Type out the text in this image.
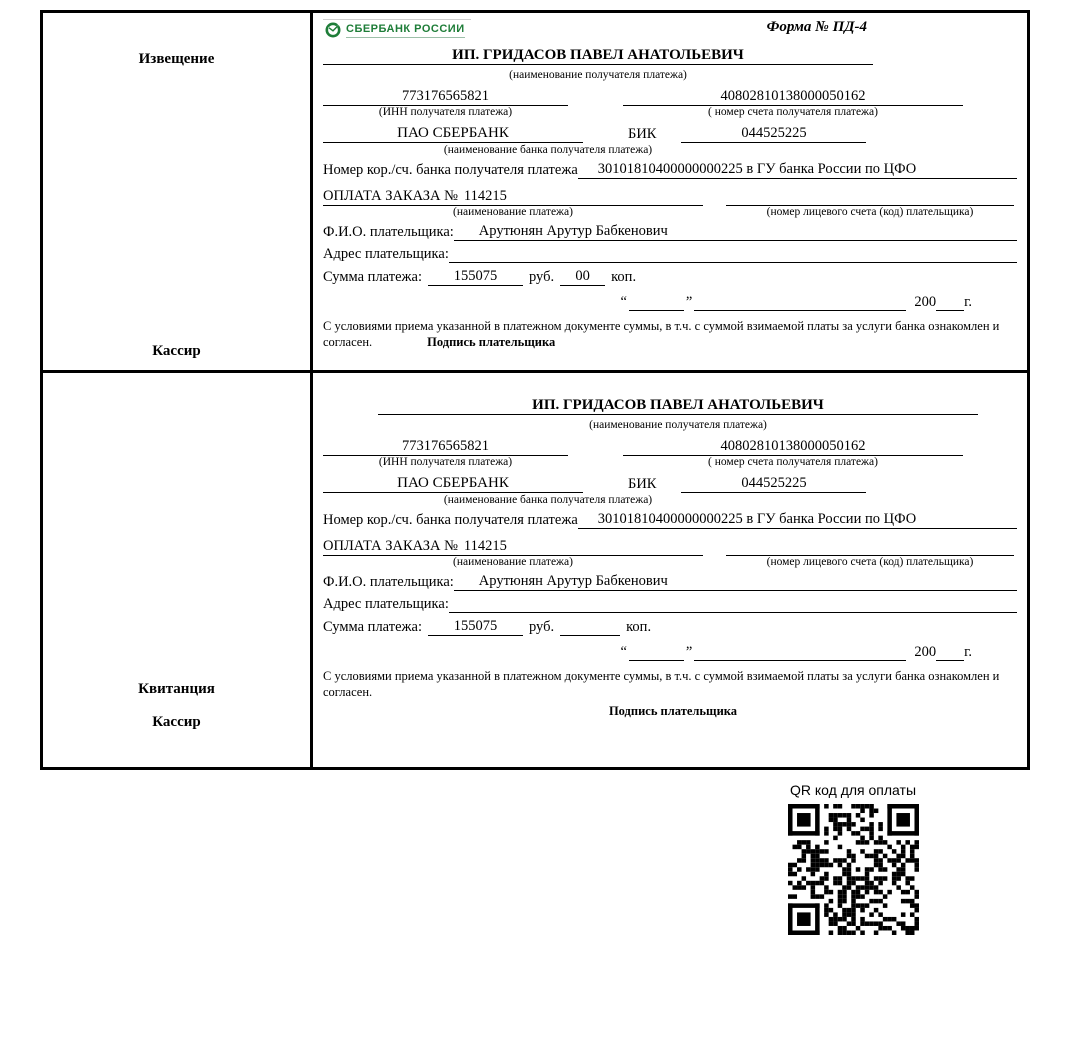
Извещение
Кассир
СБЕРБАНК РОССИИ	Форма № ПД-4
ИП. ГРИДАСОВ ПАВЕЛ АНАТОЛЬЕВИЧ (наименование получателя платежа)
773176565821	40802810138000050162
(ИНН получателя платежа)	( номер счета получателя платежа)
ПАО СБЕРБАНК	БИК	044525225
(наименование банка получателя платежа)
Номер кор./сч. банка получателя платежа	30101810400000000225 в ГУ банка России по ЦФО
ОПЛАТА ЗАКАЗА № 114215
(наименование платежа)	(номер лицевого счета (код) плательщика)
Ф.И.О. плательщика:	Арутюнян Арутур Бабкенович
Адрес плательщика:
Сумма платежа:	155075	руб.	00	коп.
“	”	200 г.
С условиями приема указанной в платежном документе суммы, в т.ч. с суммой взимаемой платы за услуги банка ознакомлен и согласен.	Подпись плательщика
Квитанция
Кассир
ИП. ГРИДАСОВ ПАВЕЛ АНАТОЛЬЕВИЧ (наименование получателя платежа)
773176565821	40802810138000050162
(ИНН получателя платежа)	( номер счета получателя платежа)
ПАО СБЕРБАНК	БИК	044525225
(наименование банка получателя платежа)
Номер кор./сч. банка получателя платежа	30101810400000000225 в ГУ банка России по ЦФО
ОПЛАТА ЗАКАЗА № 114215
(наименование платежа)	(номер лицевого счета (код) плательщика)
Ф.И.О. плательщика:	Арутюнян Арутур Бабкенович
Адрес плательщика:
Сумма платежа:	155075	руб.	коп.
“	”	200 г.
С условиями приема указанной в платежном документе суммы, в т.ч. с суммой взимаемой платы за услуги банка ознакомлен и согласен.
Подпись плательщика
QR код для оплаты
